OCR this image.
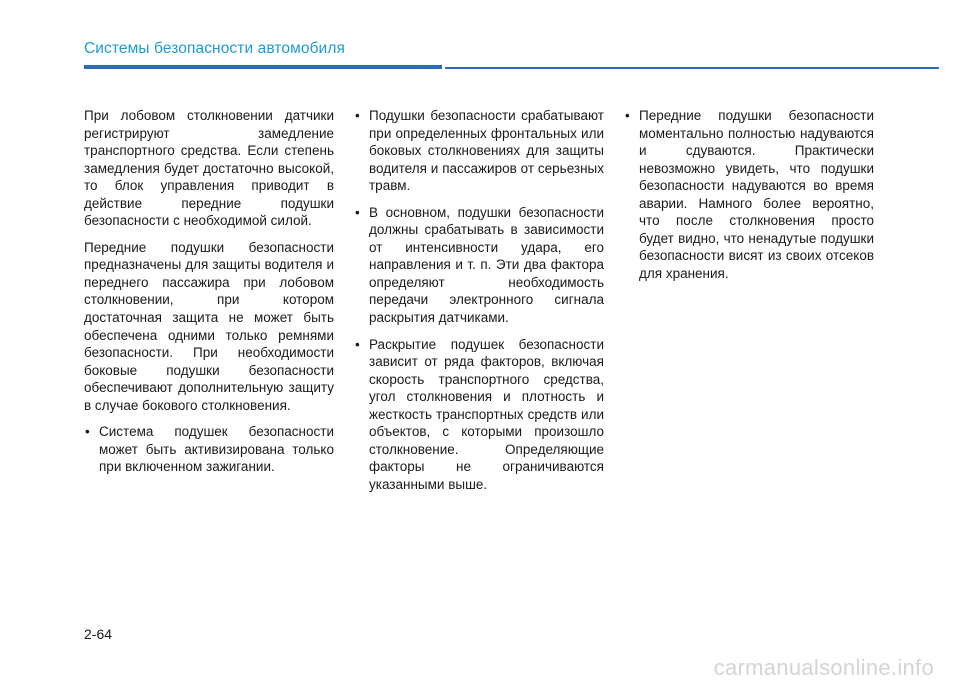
Системы безопасности автомобиля

При лобовом столкновении датчики регистрируют замедление транспортного средства. Если степень замедления будет достаточно высокой, то блок управления приводит в действие передние подушки безопасности с необходимой силой.

Передние подушки безопасности предназначены для защиты водителя и переднего пассажира при лобовом столкновении, при котором достаточная защита не может быть обеспечена одними только ремнями безопасности. При необходимости боковые подушки безопасности обеспечивают дополнительную защиту в случае бокового столкновения.

• Система подушек безопасности может быть активизирована только при включенном зажигании.
• Подушки безопасности срабатывают при определенных фронтальных или боковых столкновениях для защиты водителя и пассажиров от серьезных травм.
• В основном, подушки безопасности должны срабатывать в зависимости от интенсивности удара, его направления и т. п. Эти два фактора определяют необходимость передачи электронного сигнала раскрытия датчиками.
• Раскрытие подушек безопасности зависит от ряда факторов, включая скорость транспортного средства, угол столкновения и плотность и жесткость транспортных средств или объектов, с которыми произошло столкновение. Определяющие факторы не ограничиваются указанными выше.
• Передние подушки безопасности моментально полностью надуваются и сдуваются. Практически невозможно увидеть, что подушки безопасности надуваются во время аварии. Намного более вероятно, что после столкновения просто будет видно, что ненадутые подушки безопасности висят из своих отсеков для хранения.
2-64
carmanualsonline.info
